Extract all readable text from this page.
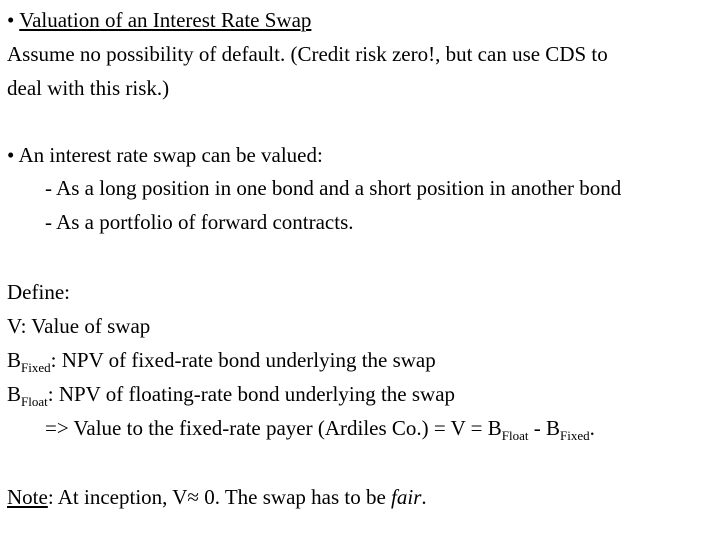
• Valuation of an Interest Rate Swap
Assume no possibility of default. (Credit risk zero!, but can use CDS to
deal with this risk.)
• An interest rate swap can be valued:
- As a long position in one bond and a short position in another bond
- As a portfolio of forward contracts.
Define:
V: Value of swap
$B_{Fixed}$: NPV of fixed-rate bond underlying the swap
$B_{Float}$: NPV of floating-rate bond underlying the swap
=> Value to the fixed-rate payer (Ardiles $Co.) = V = B_{Float} - B_{Fixed}$.
Note: At inception, V≈ 0. The swap has to be fair.
